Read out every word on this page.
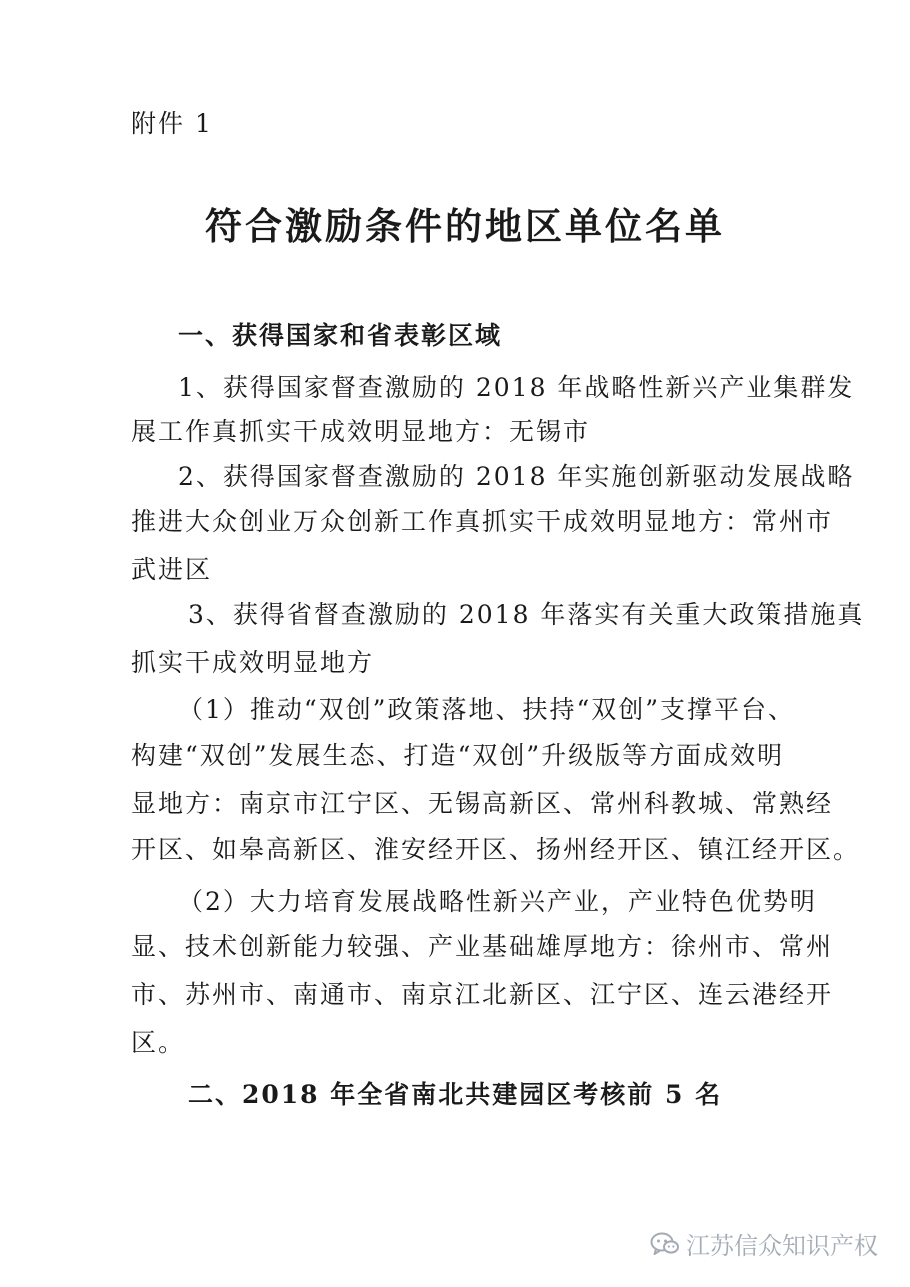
附件 1
符合激励条件的地区单位名单
一、获得国家和省表彰区域
1、获得国家督查激励的 2018 年战略性新兴产业集群发
展工作真抓实干成效明显地方：无锡市
2、获得国家督查激励的 2018 年实施创新驱动发展战略
推进大众创业万众创新工作真抓实干成效明显地方：常州市
武进区
3、获得省督查激励的 2018 年落实有关重大政策措施真
抓实干成效明显地方
（1）推动“双创”政策落地、扶持“双创”支撑平台、
构建“双创”发展生态、打造“双创”升级版等方面成效明
显地方：南京市江宁区、无锡高新区、常州科教城、常熟经
开区、如皋高新区、淮安经开区、扬州经开区、镇江经开区。
（2）大力培育发展战略性新兴产业，产业特色优势明
显、技术创新能力较强、产业基础雄厚地方：徐州市、常州
市、苏州市、南通市、南京江北新区、江宁区、连云港经开
区。
二、2018 年全省南北共建园区考核前 5 名
江苏信众知识产权
